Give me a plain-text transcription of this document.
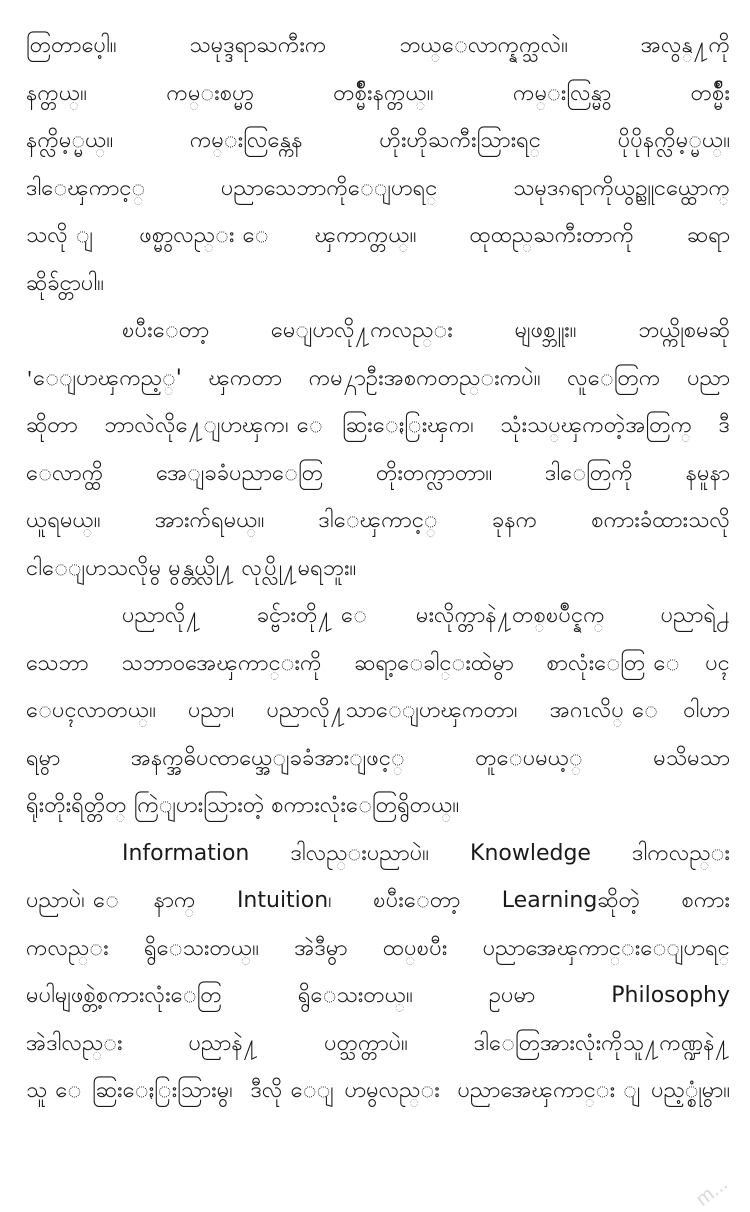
တြတာပေ့ါ။ သမုဒ္ဒရာႀကီးက ဘယ္ေလာက္နက္သလဲ။ အလွန္႔ကို
နက္တယ္။ ကမ္းစပ္မွာ တစ္မ်ိဳးနက္တယ္။ ကမ္းလြန္မွာ တစ္မ်ိဳး
နက္လိမ့္မယ္။ ကမ္းလြန္ကေန ဟိုးဟိုႀကီးသြားရင္ ပိုပိုနက္လိမ့္မယ္။
ဒါေၾကာင့္ ပညာသေဘာကိုေျပာရင္ သမုဒၵရာကိုယွဥ္သူငယ္ထောက္
သလို ျဖစ္မွာလည္း ေၾကာက္တယ္။ ထုထည္ႀကီးတာကို ဆရာ
ဆိုခ်င္တာပါ။
ၿပီးေတာ့ မေျပာလို႔ကလည္း မျဖစ္ဘူး။ ဘယ္ကိုစမဆို
'ေျပာၾကည့္' ၾကတာ ကမ႓ာဦးအစကတည္းကပဲ။ လူေတြက ပညာ
ဆိုတာ ဘာလဲလို႔ေျပာၾက၊ ေဆြးေႏြးၾက၊ သုံးသပ္ၾကတဲ့အတြက္ ဒီ
ေလာက္ထိ အေျခခံပညာေတြ တိုးတက္လာတာ။ ဒါေတြကို နမူနာ
ယူရမယ္။ အားက်ရမယ္။ ဒါေၾကာင့္ ခုနက စကားခံထားသလို
ငါေျပာသလိုမွ မွန္တယ္လို႔ လုပ္လို႔မရဘူး။
ပညာလို႔ ခင္ဗ်ားတို႔ ေမးလိုက္တာနဲ႔တစ္ၿပိဳင္နက္ ပညာရဲ႕
သေဘာ သဘာဝအေၾကာင္းကို ဆရာ့ေခါင္းထဲမွာ စာလုံးေတြ ေပၚ
ေပၚလာတယ္။ ပညာ၊ ပညာလို႔သာေျပာၾကတာ၊ အဂၤလိပ္ ေဝါဟာ
ရမွာ အနက္အဓိပၸာယ္အေျခခံအားျဖင့္ တူေပမယ့္ မသိမသာ
ရိုးတိုးရိတ္တိတ္ ကြဲျပားသြားတဲ့ စကားလုံးေတြရွိတယ္။
Information ဒါလည္းပညာပဲ။ Knowledge ဒါကလည္း
ပညာပဲ၊ ေနာက္ Intuition၊ ၿပီးေတာ့ Learningဆိုတဲ့ စကား
ကလည္း ရွိေသးတယ္။ အဲဒီမွာ ထပ္ၿပီး ပညာအေၾကာင္းေျပာရင္
မပါမျဖစ္တဲ့စကားလုံးေတြ ရွိေသးတယ္။ ဥပမာ Philosophy
အဲဒါလည္း ပညာနဲ႔ ပတ္သက္တာပဲ။ ဒါေတြအားလုံးကိုသူ႔ကဏ္ဍနဲ႔
သူ ေဆြးေႏြးသြားမွ၊ ဒီလို ေျပာမွလည္း ပညာအေၾကာင္း ျပည့္စုံမွာ။
m...
